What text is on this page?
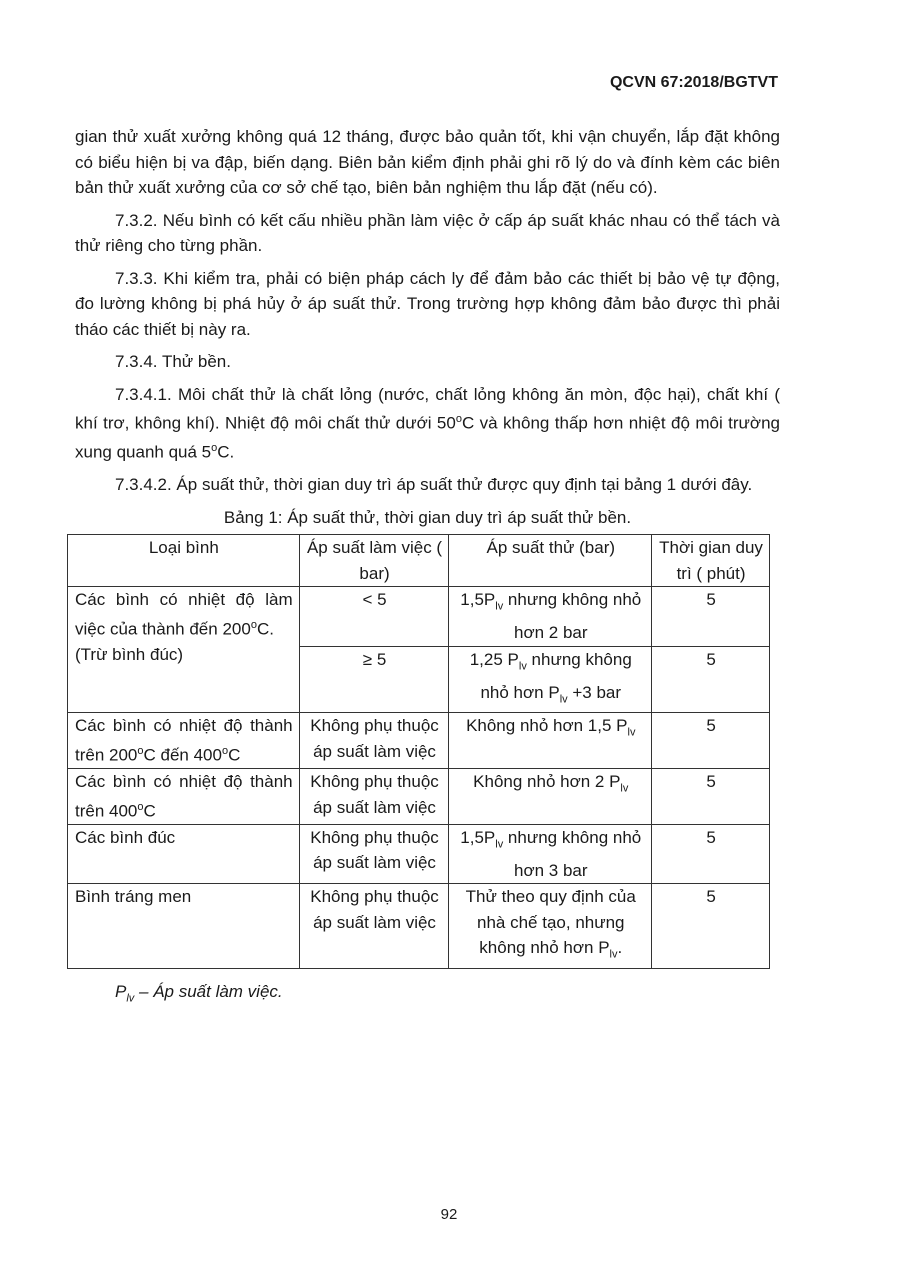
QCVN 67:2018/BGTVT

gian thử xuất xưởng không quá 12 tháng, được bảo quản tốt, khi vận chuyển, lắp đặt không có biểu hiện bị va đập, biến dạng. Biên bản kiểm định phải ghi rõ lý do và đính kèm các biên bản thử xuất xưởng của cơ sở chế tạo, biên bản nghiệm thu lắp đặt (nếu có).

7.3.2. Nếu bình có kết cấu nhiều phần làm việc ở cấp áp suất khác nhau có thể tách và thử riêng cho từng phần.

7.3.3. Khi kiểm tra, phải có biện pháp cách ly để đảm bảo các thiết bị bảo vệ tự động, đo lường không bị phá hủy ở áp suất thử. Trong trường hợp không đảm bảo được thì phải tháo các thiết bị này ra.

7.3.4. Thử bền.

7.3.4.1. Môi chất thử là chất lỏng (nước, chất lỏng không ăn mòn, độc hại), chất khí ( khí trơ, không khí). Nhiệt độ môi chất thử dưới 50$^o$C và không thấp hơn nhiệt độ môi trường xung quanh quá 5$^o$C.

7.3.4.2. Áp suất thử, thời gian duy trì áp suất thử được quy định tại bảng 1 dưới đây.

Bảng 1: Áp suất thử, thời gian duy trì áp suất thử bền.
Loại bình	Áp suất làm việc ( bar)	Áp suất thử (bar)	Thời gian duy trì ( phút)
Các bình có nhiệt độ làm việc của thành đến 200$^o$C.
(Trừ bình đúc)	< 5	$1,5P_{lv}$ nhưng không nhỏ hơn 2 bar	5
	≥ 5	1,25 $P_{lv}$ nhưng không nhỏ hơn $P_{lv} +3$ bar	5
Các bình có nhiệt độ thành trên 200$^o$C đến 400$^o$C	Không phụ thuộc áp suất làm việc	Không nhỏ hơn 1,5 $P_{lv}$	5
Các bình có nhiệt độ thành trên 400$^o$C	Không phụ thuộc áp suất làm việc	Không nhỏ hơn 2 $P_{lv}$	5
Các bình đúc	Không phụ thuộc áp suất làm việc	$1,5P_{lv}$ nhưng không nhỏ hơn 3 bar	5
Bình tráng men	Không phụ thuộc áp suất làm việc	Thử theo quy định của nhà chế tạo, nhưng không nhỏ hơn $P_{lv}$.	5
$P_{lv}$ – Áp suất làm việc.
92
